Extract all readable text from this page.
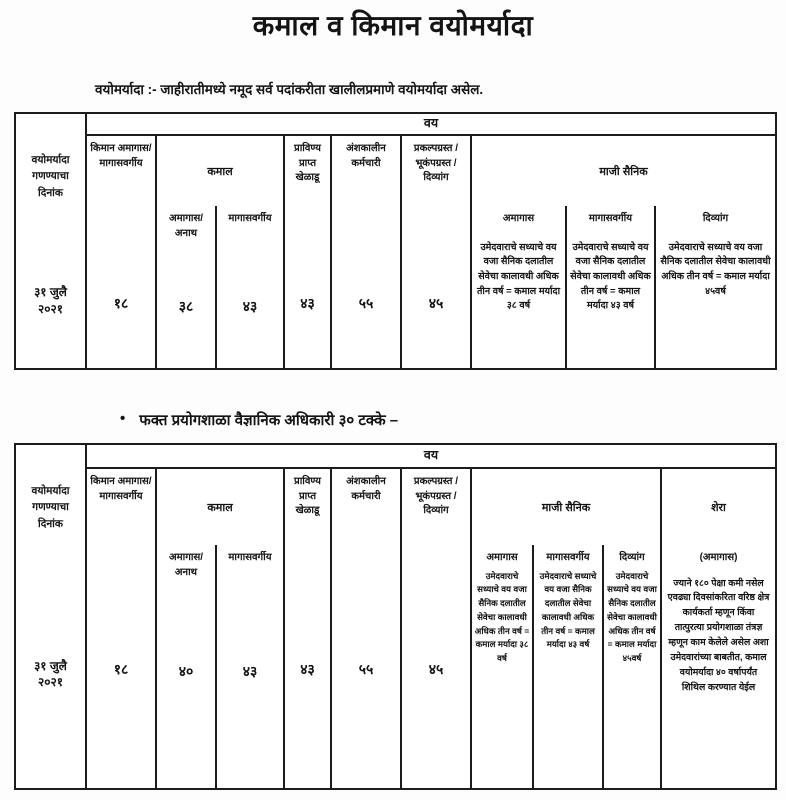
कमाल व किमान वयोमर्यादा
वयोमर्यादा :- जाहीरातीमध्ये नमूद सर्व पदांकरीता खालीलप्रमाणे वयोमर्यादा असेल.
वयोमर्यादा गणण्याचा दिनांक
३१ जुलै २०२१
वय
किमान अमागास/ मागासवर्गीय
१८
कमाल
अमागास/ अनाथ
३८
मागासवर्गीय
४३
प्राविण्य प्राप्त खेळाडू
४३
अंशकालीन कर्मचारी
५५
प्रकल्पग्रस्त / भूकंपग्रस्त / दिव्यांग
४५
माजी सैनिक
अमागास
उमेदवाराचे सध्याचे वय वजा सैनिक दलातील सेवेचा कालावधी अधिक तीन वर्ष = कमाल मर्यादा ३८ वर्ष
मागासवर्गीय
उमेदवाराचे सध्याचे वय वजा सैनिक दलातील सेवेचा कालावधी अधिक तीन वर्ष = कमाल मर्यादा ४३ वर्ष
दिव्यांग
उमेदवाराचे सध्याचे वय वजा सैनिक दलातील सेवेचा कालावधी अधिक तीन वर्ष = कमाल मर्यादा ४५वर्ष
• फक्त प्रयोगशाळा वैज्ञानिक अधिकारी ३० टक्के –
वयोमर्यादा गणण्याचा दिनांक
३१ जुलै २०२१
वय
किमान अमागास/ मागासवर्गीय
१८
कमाल
अमागास/ अनाथ
४०
मागासवर्गीय
४३
प्राविण्य प्राप्त खेळाडू
४३
अंशकालीन कर्मचारी
५५
प्रकल्पग्रस्त / भूकंपग्रस्त / दिव्यांग
४५
माजी सैनिक
अमागास
उमेदवाराचे सध्याचे वय वजा सैनिक दलातील सेवेचा कालावधी अधिक तीन वर्ष = कमाल मर्यादा ३८ वर्ष
मागासवर्गीय
उमेदवाराचे सध्याचे वय वजा सैनिक दलातील सेवेचा कालावधी अधिक तीन वर्ष = कमाल मर्यादा ४३ वर्ष
दिव्यांग
उमेदवाराचे सध्याचे वय वजा सैनिक दलातील सेवेचा कालावधी अधिक तीन वर्ष = कमाल मर्यादा ४५वर्ष
शेरा
(अमागास)
ज्याने १८० पेक्षा कमी नसेल एवढ्या दिवसांकरिता वरिष्ठ क्षेत्र कार्यकर्ता म्हणून किंवा तात्पुरत्या प्रयोगशाळा तंत्रज्ञ म्हणून काम केलेले असेल अशा उमेदवारांच्या बाबतीत, कमाल वयोमर्यादा ४० वर्षापर्यंत शिथिल करण्यात येईल
